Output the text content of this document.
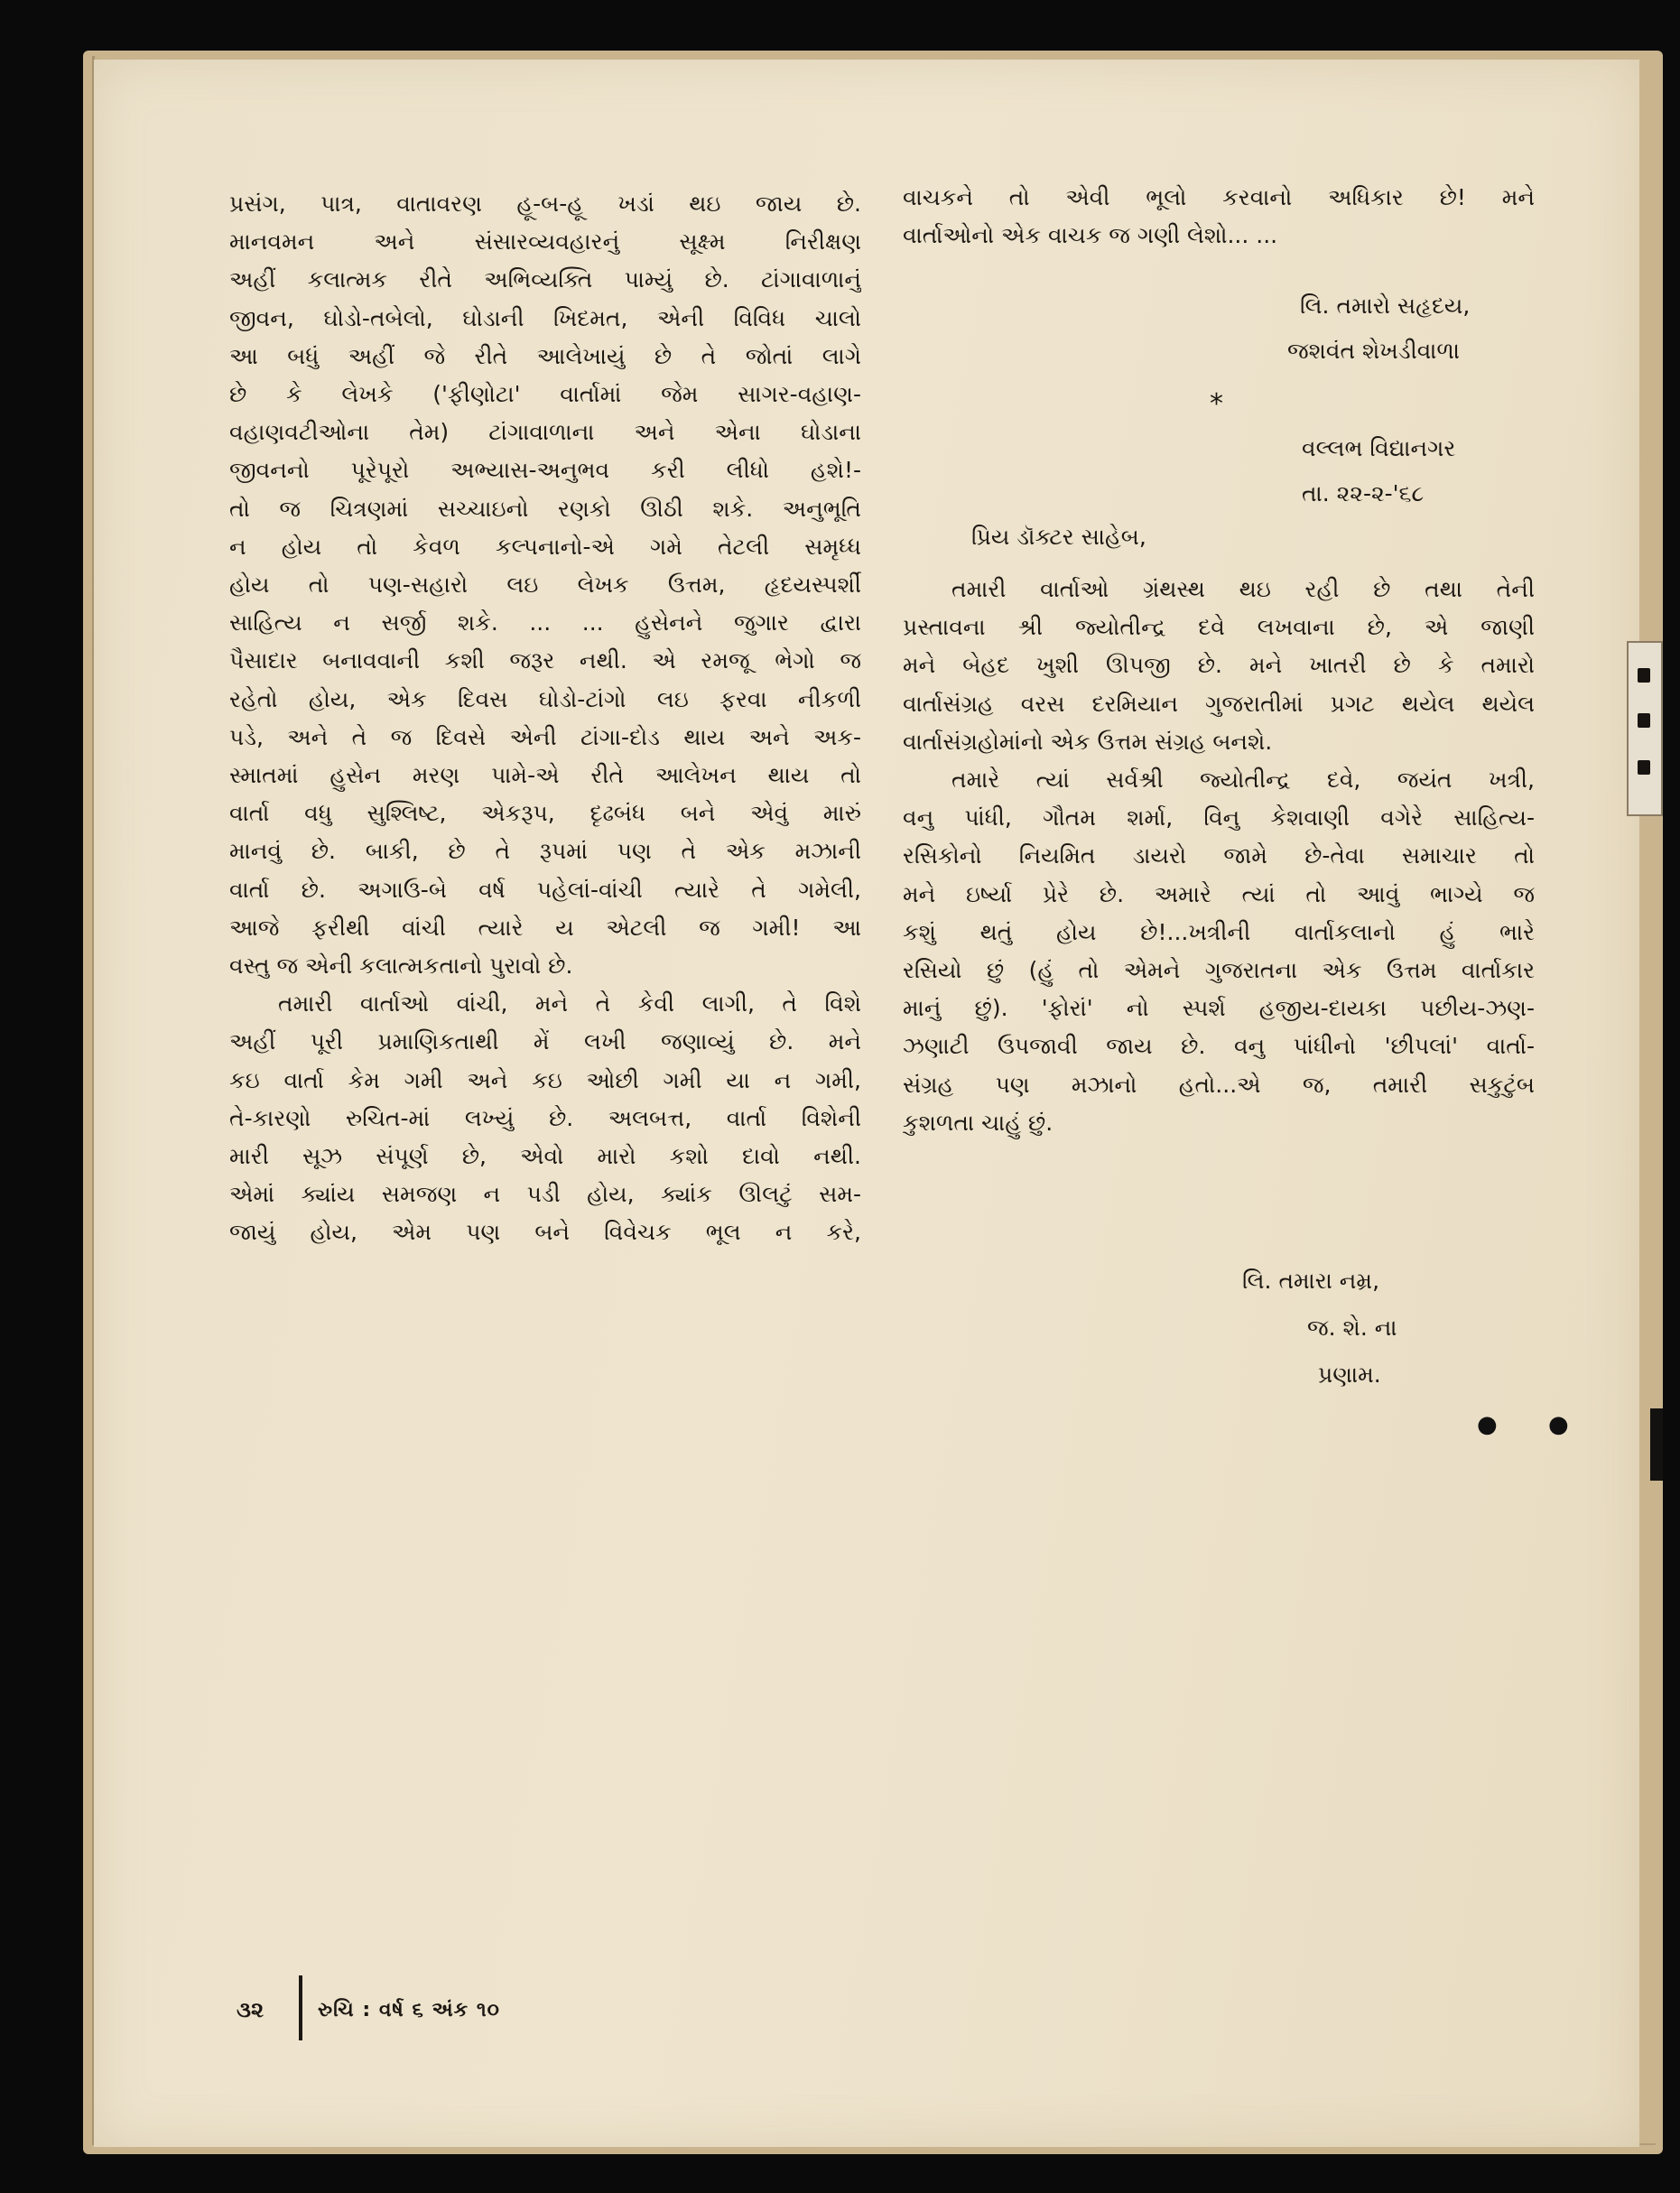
પ્રસંગ, પાત્ર, વાતાવરણ હૂ-બ-હૂ ખડાં થઇ જાય છે.
માનવમન અને સંસારવ્યવહારનું સૂક્ષ્મ નિરીક્ષણ
અહીં કલાત્મક રીતે અભિવ્યક્તિ પામ્યું છે. ટાંગાવાળાનું
જીવન, ઘોડો-તબેલો, ઘોડાની ખિદમત, એની વિવિધ ચાલો
આ બધું અહીં જે રીતે આલેખાયું છે તે જોતાં લાગે
છે કે લેખકે ('ફીણોટા' વાર્તામાં જેમ સાગર-વહાણ-
વહાણવટીઓના તેમ) ટાંગાવાળાના અને એના ઘોડાના
જીવનનો પૂરેપૂરો અભ્યાસ-અનુભવ કરી લીધો હશે!-
તો જ ચિત્રણમાં સચ્ચાઇનો રણકો ઊઠી શકે. અનુભૂતિ
ન હોય તો કેવળ કલ્પનાનો-એ ગમે તેટલી સમૃધ્ધ
હોય તો પણ-સહારો લઇ લેખક ઉત્તમ, હૃદયસ્પર્શી
સાહિત્ય ન સર્જી શકે. ... ... હુસેનને જુગાર દ્વારા
પૈસાદાર બનાવવાની કશી જરૂર નથી. એ રમજૂ ભેગો જ
રહેતો હોય, એક દિવસ ઘોડો-ટાંગો લઇ ફરવા નીકળી
પડે, અને તે જ દિવસે એની ટાંગા-દોડ થાય અને અક-
સ્માતમાં હુસેન મરણ પામે-એ રીતે આલેખન થાય તો
વાર્તા વધુ સુશ્લિષ્ટ, એકરૂપ, દૃઢબંધ બને એવું મારું
માનવું છે. બાકી, છે તે રૂપમાં પણ તે એક મઝાની
વાર્તા છે. અગાઉ-બે વર્ષ પહેલાં-વાંચી ત્યારે તે ગમેલી,
આજે ફરીથી વાંચી ત્યારે ય એટલી જ ગમી! આ
વસ્તુ જ એની કલાત્મકતાનો પુરાવો છે.
તમારી વાર્તાઓ વાંચી, મને તે કેવી લાગી, તે વિશે
અહીં પૂરી પ્રમાણિકતાથી મેં લખી જણાવ્યું છે. મને
કઇ વાર્તા કેમ ગમી અને કઇ ઓછી ગમી યા ન ગમી,
તે-કારણો રુચિત-માં લખ્યું છે. અલબત્ત, વાર્તા વિશેની
મારી સૂઝ સંપૂર્ણ છે, એવો મારો કશો દાવો નથી.
એમાં ક્યાંય સમજણ ન પડી હોય, ક્યાંક ઊલટું સમ-
જાયું હોય, એમ પણ બને વિવેચક ભૂલ ન કરે,
વાચકને તો એવી ભૂલો કરવાનો અધિકાર છે! મને
વાર્તાઓનો એક વાચક જ ગણી લેશો... ...
લિ. તમારો સહૃદય,
જશવંત શેખડીવાળા
*
વલ્લભ વિદ્યાનગર
તા. ૨૨-૨-'૬૮
પ્રિય ડૉક્ટર સાહેબ,
તમારી વાર્તાઓ ગ્રંથસ્થ થઇ રહી છે તથા તેની
પ્રસ્તાવના શ્રી જ્યોતીન્દ્ર દવે લખવાના છે, એ જાણી
મને બેહદ ખુશી ઊપજી છે. મને ખાતરી છે કે તમારો
વાર્તાસંગ્રહ વરસ દરમિયાન ગુજરાતીમાં પ્રગટ થયેલ થયેલ
વાર્તાસંગ્રહોમાંનો એક ઉત્તમ સંગ્રહ બનશે.
તમારે ત્યાં સર્વશ્રી જ્યોતીન્દ્ર દવે, જયંત ખત્રી,
વનુ પાંધી, ગૌતમ શર્મા, વિનુ કેશવાણી વગેરે સાહિત્ય-
રસિકોનો નિયમિત ડાયરો જામે છે-તેવા સમાચાર તો
મને ઇર્ષ્યા પ્રેરે છે. અમારે ત્યાં તો આવું ભાગ્યે જ
કશું થતું હોય છે!...ખત્રીની વાર્તાકલાનો હું ભારે
રસિયો છું (હું તો એમને ગુજરાતના એક ઉત્તમ વાર્તાકાર
માનું છું). 'ફોરાં' નો સ્પર્શ હજીય-દાયકા પછીય-ઝણ-
ઝણાટી ઉપજાવી જાય છે. વનુ પાંધીનો 'છીપલાં' વાર્તા-
સંગ્રહ પણ મઝાનો હતો...એ જ, તમારી સકુટુંબ
કુશળતા ચાહું છું.
લિ. તમારા નમ્ર,
જ. શે. ના
પ્રણામ.
● ●
૩૨	રુચિ : વર્ષ ૬ અંક ૧૦
